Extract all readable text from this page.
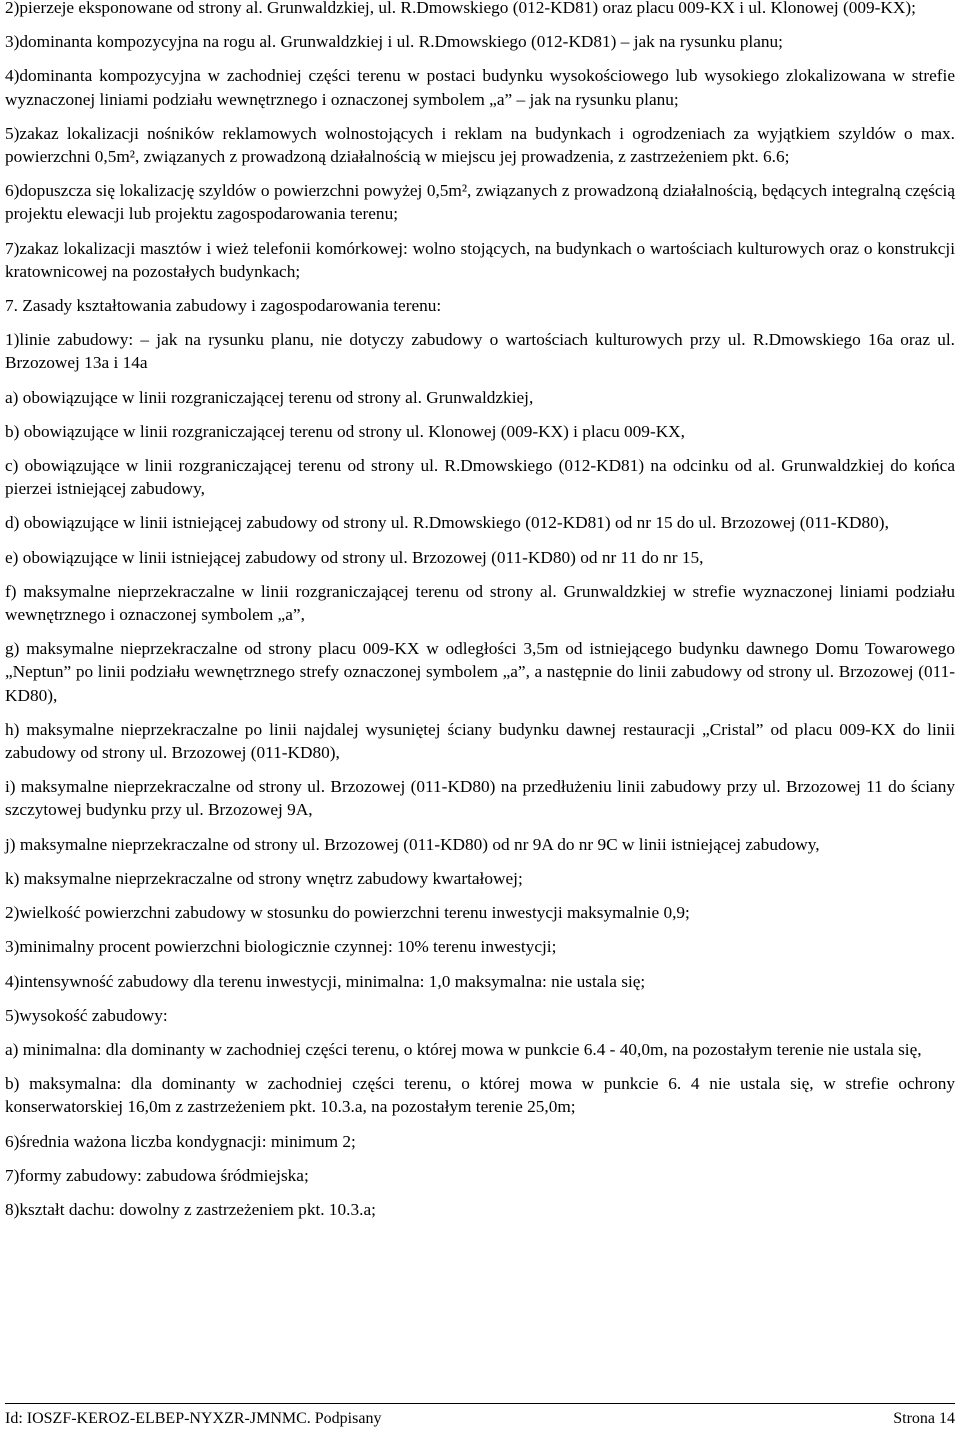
2)pierzeje eksponowane od strony al. Grunwaldzkiej, ul. R.Dmowskiego (012-KD81) oraz placu 009-KX i ul. Klonowej (009-KX);

3)dominanta kompozycyjna na rogu al. Grunwaldzkiej i ul. R.Dmowskiego (012-KD81) – jak na rysunku planu;

4)dominanta kompozycyjna w zachodniej części terenu w postaci budynku wysokościowego lub wysokiego zlokalizowana w strefie wyznaczonej liniami podziału wewnętrznego i oznaczonej symbolem „a” – jak na rysunku planu;

5)zakaz lokalizacji nośników reklamowych wolnostojących i reklam na budynkach i ogrodzeniach za wyjątkiem szyldów o max. powierzchni 0,5m², związanych z prowadzoną działalnością w miejscu jej prowadzenia, z zastrzeżeniem pkt. 6.6;

6)dopuszcza się lokalizację szyldów o powierzchni powyżej 0,5m², związanych z prowadzoną działalnością, będących integralną częścią projektu elewacji lub projektu zagospodarowania terenu;

7)zakaz lokalizacji masztów i wież telefonii komórkowej: wolno stojących, na budynkach o wartościach kulturowych oraz o konstrukcji kratownicowej na pozostałych budynkach;

7. Zasady kształtowania zabudowy i zagospodarowania terenu:

1)linie zabudowy: – jak na rysunku planu, nie dotyczy zabudowy o wartościach kulturowych przy ul. R.Dmowskiego 16a oraz ul. Brzozowej 13a i 14a

a) obowiązujące w linii rozgraniczającej terenu od strony al. Grunwaldzkiej,

b) obowiązujące w linii rozgraniczającej terenu od strony ul. Klonowej (009-KX) i placu 009-KX,

c) obowiązujące w linii rozgraniczającej terenu od strony ul. R.Dmowskiego (012-KD81) na odcinku od al. Grunwaldzkiej do końca pierzei istniejącej zabudowy,

d) obowiązujące w linii istniejącej zabudowy od strony ul. R.Dmowskiego (012-KD81) od nr 15 do ul. Brzozowej (011-KD80),

e) obowiązujące w linii istniejącej zabudowy od strony ul. Brzozowej (011-KD80) od nr 11 do nr 15,

f) maksymalne nieprzekraczalne w linii rozgraniczającej terenu od strony al. Grunwaldzkiej w strefie wyznaczonej liniami podziału wewnętrznego i oznaczonej symbolem „a”,

g) maksymalne nieprzekraczalne od strony placu 009-KX w odległości 3,5m od istniejącego budynku dawnego Domu Towarowego „Neptun” po linii podziału wewnętrznego strefy oznaczonej symbolem „a”, a następnie do linii zabudowy od strony ul. Brzozowej (011-KD80),

h) maksymalne nieprzekraczalne po linii najdalej wysuniętej ściany budynku dawnej restauracji „Cristal” od placu 009-KX do linii zabudowy od strony ul. Brzozowej (011-KD80),

i) maksymalne nieprzekraczalne od strony ul. Brzozowej (011-KD80) na przedłużeniu linii zabudowy przy ul. Brzozowej 11 do ściany szczytowej budynku przy ul. Brzozowej 9A,

j) maksymalne nieprzekraczalne od strony ul. Brzozowej (011-KD80) od nr 9A do nr 9C w linii istniejącej zabudowy,

k) maksymalne nieprzekraczalne od strony wnętrz zabudowy kwartałowej;

2)wielkość powierzchni zabudowy w stosunku do powierzchni terenu inwestycji maksymalnie 0,9;

3)minimalny procent powierzchni biologicznie czynnej: 10% terenu inwestycji;

4)intensywność zabudowy dla terenu inwestycji, minimalna: 1,0 maksymalna: nie ustala się;

5)wysokość zabudowy:

a) minimalna: dla dominanty w zachodniej części terenu, o której mowa w punkcie 6.4 - 40,0m, na pozostałym terenie nie ustala się,

b) maksymalna: dla dominanty w zachodniej części terenu, o której mowa w punkcie 6. 4 nie ustala się, w strefie ochrony konserwatorskiej 16,0m z zastrzeżeniem pkt. 10.3.a, na pozostałym terenie 25,0m;

6)średnia ważona liczba kondygnacji: minimum 2;

7)formy zabudowy: zabudowa śródmiejska;

8)kształt dachu: dowolny z zastrzeżeniem pkt. 10.3.a;

Id: IOSZF-KEROZ-ELBEP-NYXZR-JMNMC. Podpisany	Strona 14
